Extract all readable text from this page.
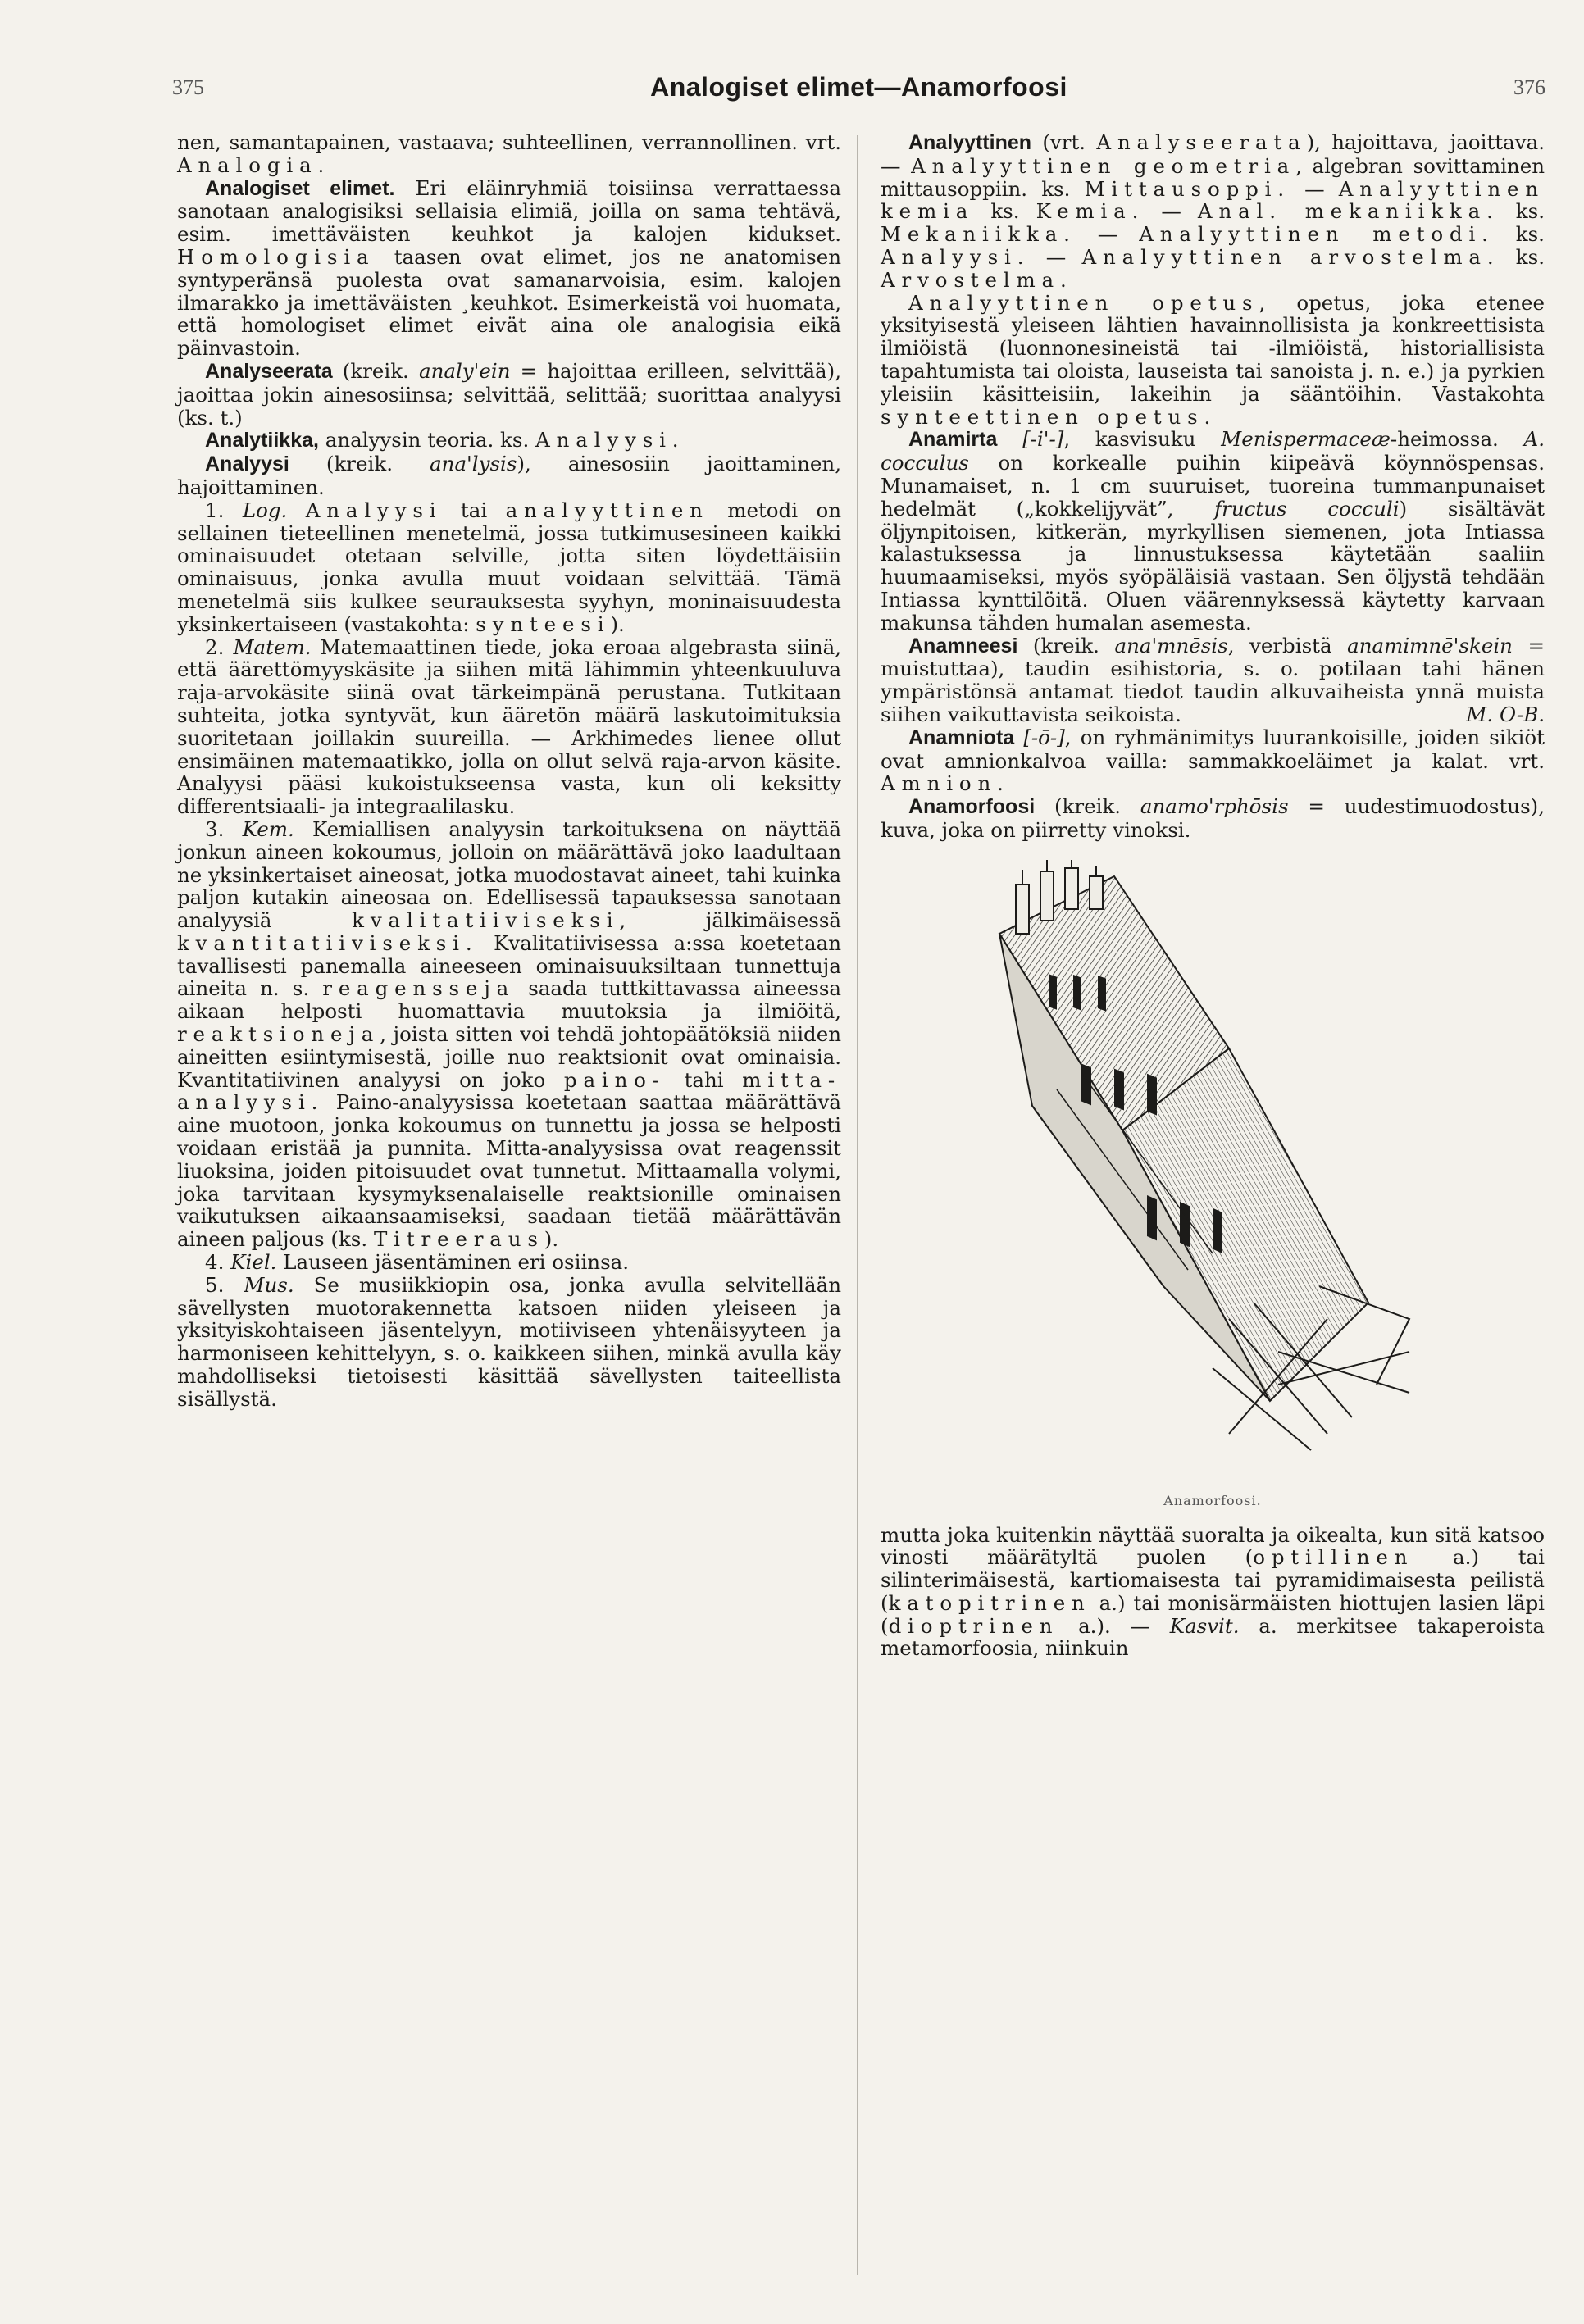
375	Analogiset elimet—Anamorfoosi	376

nen, samantapainen, vastaava; suhteellinen, verrannollinen. vrt. Analogia.

Analogiset elimet. Eri eläinryhmiä toisiinsa verrattaessa sanotaan analogisiksi sellaisia elimiä, joilla on sama tehtävä, esim. imettäväisten keuhkot ja kalojen kidukset. Homologisia taasen ovat elimet, jos ne anatomisen syntyperänsä puolesta ovat samanarvoisia, esim. kalojen ilmarakko ja imettäväisten ¸keuhkot. Esimerkeistä voi huomata, että homologiset elimet eivät aina ole analogisia eikä päinvastoin.

Analyseerata (kreik. analy'ein = hajoittaa erilleen, selvittää), jaoittaa jokin ainesosiinsa; selvittää, selittää; suorittaa analyysi (ks. t.)

Analytiikka, analyysin teoria. ks. Analyysi.

Analyysi (kreik. ana'lysis), ainesosiin jaoittaminen, hajoittaminen.

1. Log. Analyysi tai analyyttinen metodi on sellainen tieteellinen menetelmä, jossa tutkimusesineen kaikki ominaisuudet otetaan selville, jotta siten löydettäisiin ominaisuus, jonka avulla muut voidaan selvittää. Tämä menetelmä siis kulkee seurauksesta syyhyn, moninaisuudesta yksinkertaiseen (vastakohta: synteesi).

2. Matem. Matemaattinen tiede, joka eroaa algebrasta siinä, että äärettömyyskäsite ja siihen mitä lähimmin yhteenkuuluva raja-arvokäsite siinä ovat tärkeimpänä perustana. Tutkitaan suhteita, jotka syntyvät, kun ääretön määrä laskutoimituksia suoritetaan joillakin suureilla. — Arkhimedes lienee ollut ensimäinen matemaatikko, jolla on ollut selvä raja-arvon käsite. Analyysi pääsi kukoistukseensa vasta, kun oli keksitty differentsiaali- ja integraalilasku.

3. Kem. Kemiallisen analyysin tarkoituksena on näyttää jonkun aineen kokoumus, jolloin on määrättävä joko laadultaan ne yksinkertaiset aineosat, jotka muodostavat aineet, tahi kuinka paljon kutakin aineosaa on. Edellisessä tapauksessa sanotaan analyysiä	kvalitatiiviseksi, jälkimäisessä kvantitatiiviseksi. Kvalitatiivisessa a:ssa koetetaan tavallisesti panemalla aineeseen ominaisuuksiltaan tunnettuja aineita n. s. reagensseja saada tuttkittavassa aineessa aikaan helposti huomattavia muutoksia ja ilmiöitä, reaktsioneja, joista sitten voi tehdä johtopäätöksiä niiden aineitten esiintymisestä, joille nuo reaktsionit ovat ominaisia. Kvantitatiivinen analyysi on joko paino- tahi mitta-analyysi. Paino-analyysissa koetetaan saattaa määrättävä aine muotoon, jonka kokoumus on tunnettu ja jossa se helposti voidaan eristää ja punnita. Mitta-analyysissa ovat reagenssit liuoksina, joiden pitoisuudet ovat tunnetut. Mittaamalla volymi, joka tarvitaan kysymyksenalaiselle reaktsionille ominaisen vaikutuksen aikaansaamiseksi, saadaan tietää määrättävän aineen paljous (ks. Titreeraus).

4. Kiel. Lauseen jäsentäminen eri osiinsa.

5. Mus. Se musiikkiopin osa, jonka avulla selvitellään sävellysten muotorakennetta katsoen niiden yleiseen ja yksityiskohtaiseen jäsentelyyn, motiiviseen yhtenäisyyteen ja harmoniseen kehittelyyn, s. o. kaikkeen siihen, minkä avulla käy mahdolliseksi tietoisesti käsittää sävellysten taiteellista sisällystä.

Analyyttinen (vrt. Analyseerata), hajoittava, jaoittava. — Analyyttinen geometria, algebran sovittaminen mittausoppiin. ks. Mittausoppi. — Analyyttinen kemia ks. Kemia. — Anal. mekaniikka. ks. Mekaniikka. — Analyyttinen metodi. ks. Analyysi. — Analyyttinen arvostelma. ks. Arvostelma.

Analyyttinen opetus, opetus, joka etenee yksityisestä yleiseen lähtien havainnollisista ja konkreettisista ilmiöistä (luonnonesineistä tai -ilmiöistä, historiallisista tapahtumista tai oloista, lauseista tai sanoista j. n. e.) ja pyrkien yleisiin käsitteisiin, lakeihin ja sääntöihin. Vastakohta synteettinen opetus.

Anamirta [-i'-], kasvisuku Menispermaceæ-heimossa. A. cocculus on korkealle puihin kiipeävä köynnöspensas. Munamaiset, n. 1 cm suuruiset, tuoreina tummanpunaiset hedelmät („kokkelijyvät”, fructus cocculi) sisältävät öljynpitoisen, kitkerän, myrkyllisen siemenen, jota Intiassa kalastuksessa ja linnustuksessa käytetään saaliin huumaamiseksi, myös syöpäläisiä vastaan. Sen öljystä tehdään Intiassa kynttilöitä. Oluen väärennyksessä käytetty karvaan makunsa tähden humalan asemesta.

Anamneesi (kreik. ana'mnēsis, verbistä anamimnē'skein = muistuttaa), taudin esihistoria, s. o. potilaan tahi hänen ympäristönsä antamat tiedot taudin alkuvaiheista ynnä muista siihen vaikuttavista seikoista.	M. O-B.

Anamniota [-ō-], on ryhmänimitys luurankoisille, joiden sikiöt ovat amnionkalvoa vailla: sammakkoeläimet ja kalat. vrt. Amnion.

Anamorfoosi (kreik. anamo'rphōsis = uudestimuodostus), kuva, joka on piirretty vinoksi.

Anamorfoosi.

mutta joka kuitenkin näyttää suoralta ja oikealta, kun sitä katsoo vinosti määrätyltä puolen (optillinen a.) tai silinterimäisestä, kartiomaisesta tai pyramidimaisesta peilistä (katopitrinen a.) tai monisärmäisten hiottujen lasien läpi (dioptrinen a.). — Kasvit. a. merkitsee takaperoista metamorfoosia, niinkuin
